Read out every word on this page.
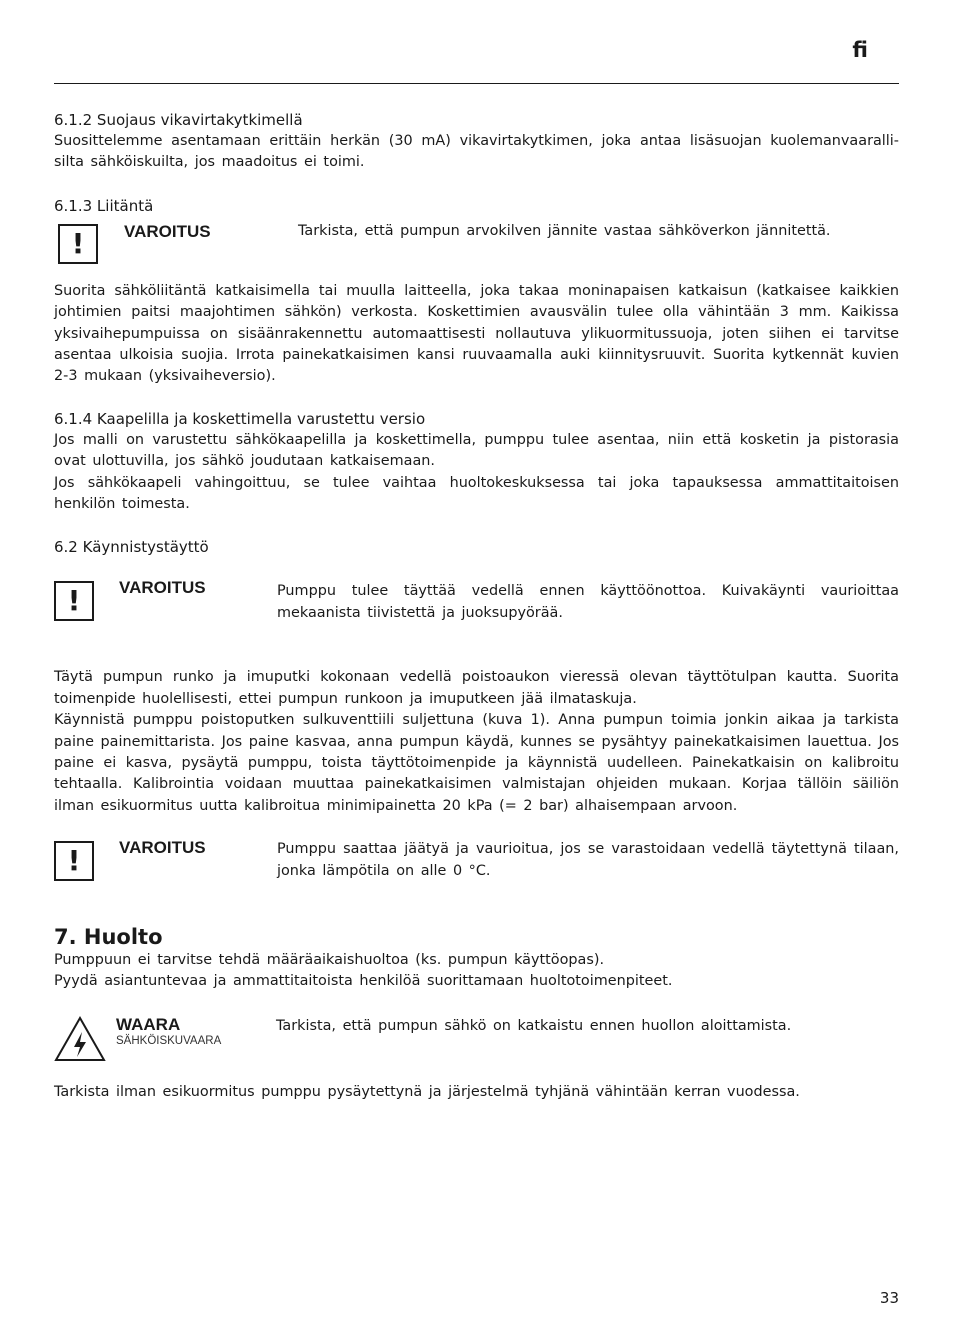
fi

6.1.2 Suojaus vikavirtakytkimellä

Suosittelemme asentamaan erittäin herkän (30 mA) vikavirtakytkimen, joka antaa lisäsuojan kuolemanvaarallisilta sähköiskuilta, jos maadoitus ei toimi.

6.1.3 Liitäntä

!	VAROITUS	Tarkista, että pumpun arvokilven jännite vastaa sähköverkon jännitettä.

Suorita sähköliitäntä katkaisimella tai muulla laitteella, joka takaa moninapaisen katkaisun (katkaisee kaikkien johtimien paitsi maajohtimen sähkön) verkosta. Koskettimien avausvälin tulee olla vähintään 3 mm. Kaikissa yksivaihepumpuissa on sisäänrakennettu automaattisesti nollautuva ylikuormitussuoja, joten siihen ei tarvitse asentaa ulkoisia suojia. Irrota painekatkaisimen kansi ruuvaamalla auki kiinnitysruuvit. Suorita kytkennät kuvien 2-3 mukaan (yksivaiheversio).

6.1.4 Kaapelilla ja koskettimella varustettu versio

Jos malli on varustettu sähkökaapelilla ja koskettimella, pumppu tulee asentaa, niin että kosketin ja pistorasia ovat ulottuvilla, jos sähkö joudutaan katkaisemaan.

Jos sähkökaapeli vahingoittuu, se tulee vaihtaa huoltokeskuksessa tai joka tapauksessa ammattitaitoisen henkilön toimesta.

6.2 Käynnistystäyttö

!	VAROITUS	Pumppu tulee täyttää vedellä ennen käyttöönottoa. Kuivakäynti vaurioittaa mekaanista tiivistettä ja juoksupyörää.

Täytä pumpun runko ja imuputki kokonaan vedellä poistoaukon vieressä olevan täyttötulpan kautta. Suorita toimenpide huolellisesti, ettei pumpun runkoon ja imuputkeen jää ilmataskuja.

Käynnistä pumppu poistoputken sulkuventtiili suljettuna (kuva 1). Anna pumpun toimia jonkin aikaa ja tarkista paine painemittarista. Jos paine kasvaa, anna pumpun käydä, kunnes se pysähtyy painekatkaisimen lauettua. Jos paine ei kasva, pysäytä pumppu, toista täyttötoimenpide ja käynnistä uudelleen. Painekatkaisin on kalibroitu tehtaalla. Kalibrointia voidaan muuttaa painekatkaisimen valmistajan ohjeiden mukaan. Korjaa tällöin säiliön ilman esikuormitus uutta kalibroitua minimipainetta 20 kPa (= 2 bar) alhaisempaan arvoon.

!	VAROITUS	Pumppu saattaa jäätyä ja vaurioitua, jos se varastoidaan vedellä täytettynä tilaan, jonka lämpötila on alle 0 °C.

7. Huolto

Pumppuun ei tarvitse tehdä määräaikaishuoltoa (ks. pumpun käyttöopas).

Pyydä asiantuntevaa ja ammattitaitoista henkilöä suorittamaan huoltotoimenpiteet.

WAARA
SÄHKÖISKUVAARA
Tarkista, että pumpun sähkö on katkaistu ennen huollon aloittamista.

Tarkista ilman esikuormitus pumppu pysäytettynä ja järjestelmä tyhjänä vähintään kerran vuodessa.

33
